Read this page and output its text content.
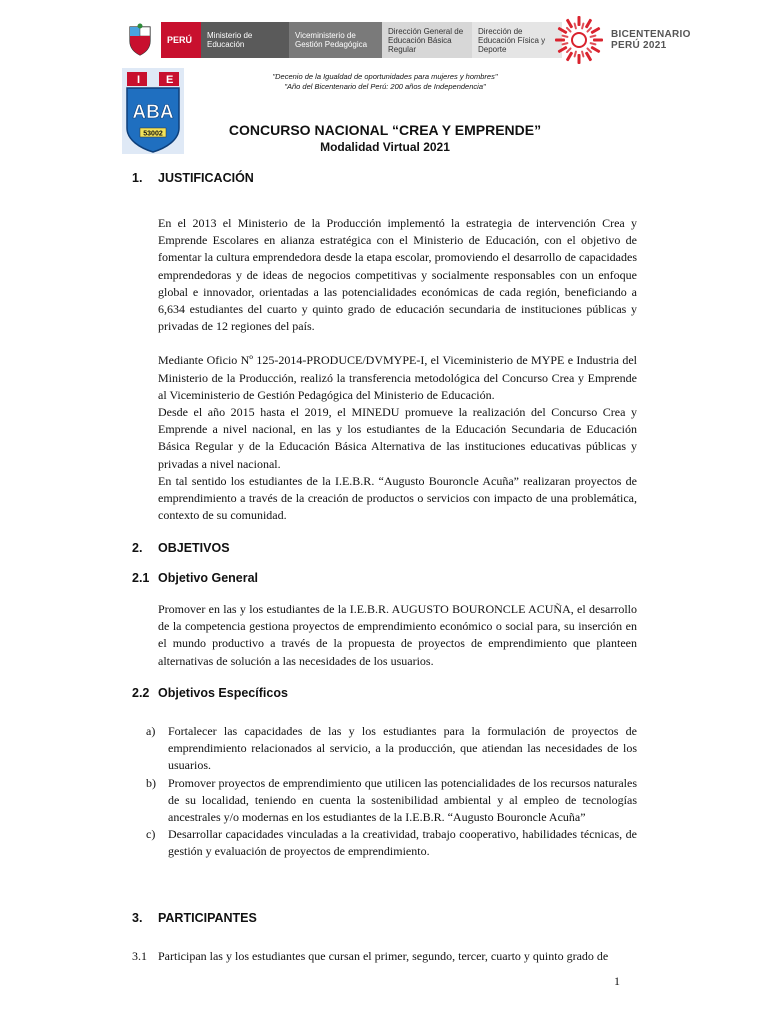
PERÚ	Ministerio de Educación
Viceministerio de Gestión Pedagógica
Dirección General de Educación Básica Regular
Dirección de Educación Física y Deporte
BICENTENARIO
PERÚ 2021
I E
ABA
53002
"Decenio de la Igualdad de oportunidades para mujeres y hombres"
"Año del Bicentenario del Perú: 200 años de Independencia"
CONCURSO NACIONAL “CREA Y EMPRENDE”
Modalidad Virtual 2021
1. JUSTIFICACIÓN

En el 2013 el Ministerio de la Producción implementó la estrategia de intervención Crea y Emprende Escolares en alianza estratégica con el Ministerio de Educación, con el objetivo de fomentar la cultura emprendedora desde la etapa escolar, promoviendo el desarrollo de capacidades emprendedoras y de ideas de negocios competitivas y socialmente responsables con un enfoque global e innovador, orientadas a las potencialidades económicas de cada región, beneficiando a 6,634 estudiantes del cuarto y quinto grado de educación secundaria de instituciones públicas y privadas de 12 regiones del país.

Mediante Oficio Nº 125-2014-PRODUCE/DVMYPE-I, el Viceministerio de MYPE e Industria del Ministerio de la Producción, realizó la transferencia metodológica del Concurso Crea y Emprende al Viceministerio de Gestión Pedagógica del Ministerio de Educación.

Desde el año 2015 hasta el 2019, el MINEDU promueve la realización del Concurso Crea y Emprende a nivel nacional, en las y los estudiantes de la Educación Secundaria de Educación Básica Regular y de la Educación Básica Alternativa de las instituciones educativas públicas y privadas a nivel nacional.

En tal sentido los estudiantes de la I.E.B.R. “Augusto Bouroncle Acuña” realizaran proyectos de emprendimiento a través de la creación de productos o servicios con impacto de una problemática, contexto de su comunidad.

2. OBJETIVOS
2.1 Objetivo General

Promover en las y los estudiantes de la I.E.B.R. AUGUSTO BOURONCLE ACUÑA, el desarrollo de la competencia gestiona proyectos de emprendimiento económico o social para, su inserción en el mundo productivo a través de la propuesta de proyectos de emprendimiento que planteen alternativas de solución a las necesidades de los usuarios.

2.2 Objetivos Específicos
a)	Fortalecer las capacidades de las y los estudiantes para la formulación de proyectos de emprendimiento relacionados al servicio, a la producción, que atiendan las necesidades de los usuarios.
b)	Promover proyectos de emprendimiento que utilicen las potencialidades de los recursos naturales de su localidad, teniendo en cuenta la sostenibilidad ambiental y al empleo de tecnologías ancestrales y/o modernas en los estudiantes de la I.E.B.R. “Augusto Bouroncle Acuña”
c)	Desarrollar capacidades vinculadas a la creatividad, trabajo cooperativo, habilidades técnicas, de gestión y evaluación de proyectos de emprendimiento.
3. PARTICIPANTES
3.1 Participan las y los estudiantes que cursan el primer, segundo, tercer, cuarto y quinto grado de
1
